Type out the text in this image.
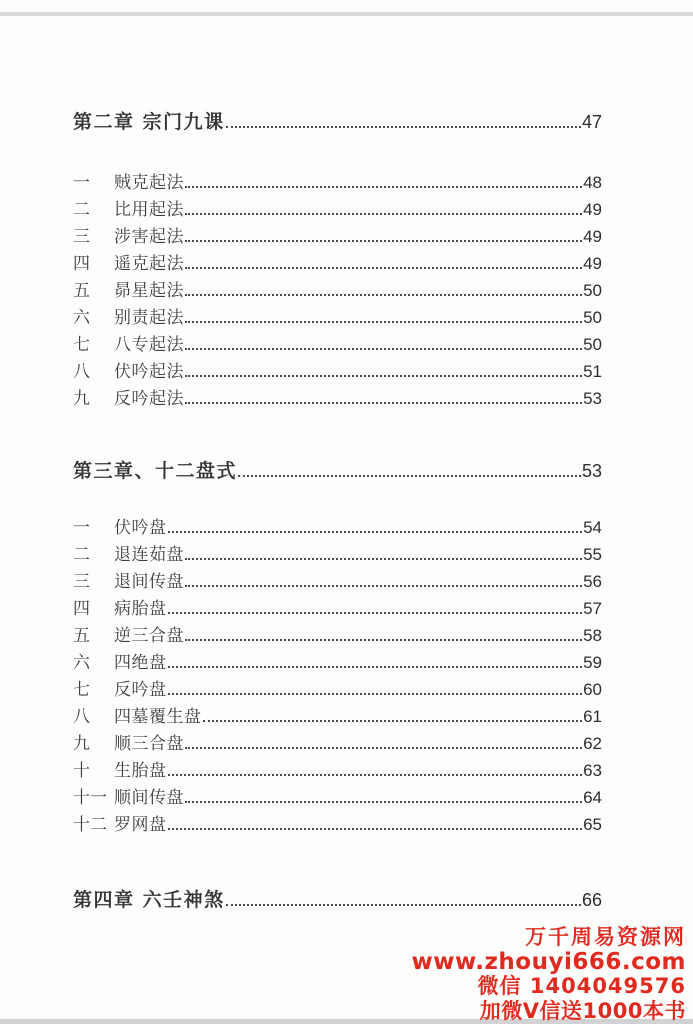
第二章 宗门九课	47
一	贼克起法	48
二	比用起法	49
三	涉害起法	49
四	遥克起法	49
五	昴星起法	50
六	别责起法	50
七	八专起法	50
八	伏吟起法	51
九	反吟起法	53
第三章、十二盘式	53
一	伏吟盘	54
二	退连茹盘	55
三	退间传盘	56
四	病胎盘	57
五	逆三合盘	58
六	四绝盘	59
七	反吟盘	60
八	四墓覆生盘	61
九	顺三合盘	62
十	生胎盘	63
十一 顺间传盘	64
十二 罗网盘	65
第四章 六壬神煞	66
万千周易资源网
www.zhouyi666.com
微信 1404049576
加微V信送1000本书
